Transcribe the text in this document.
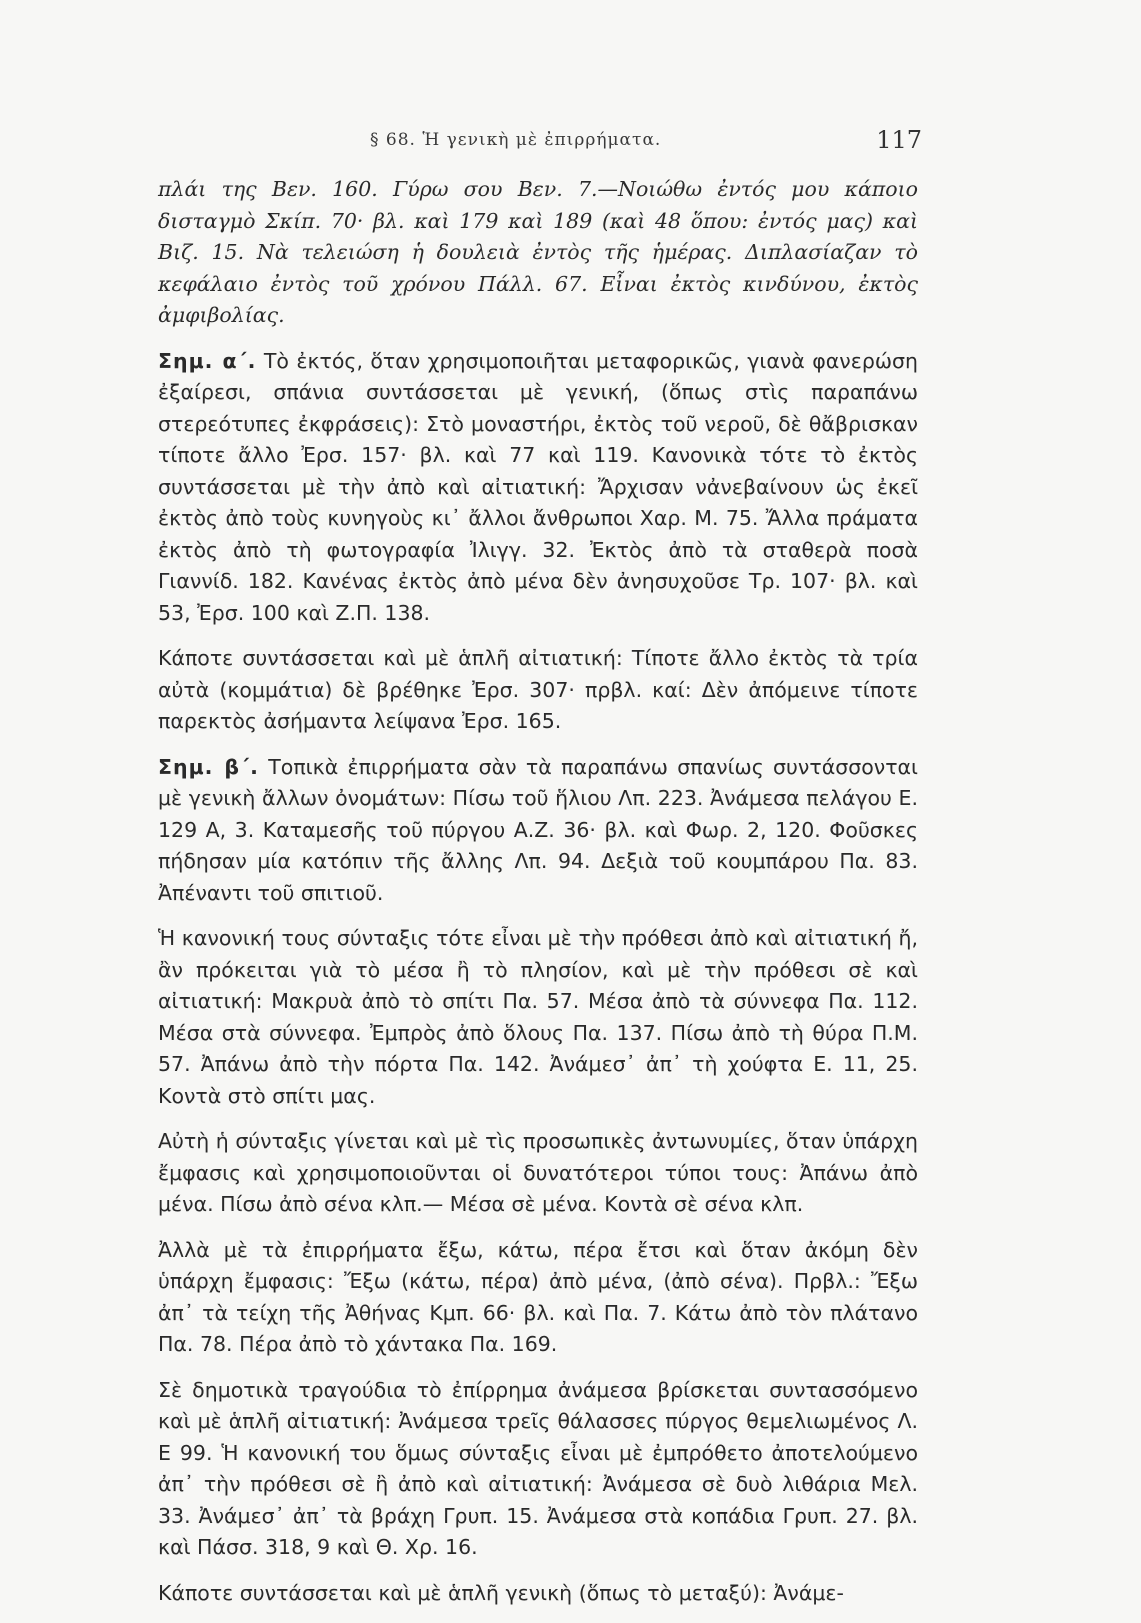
§ 68. Ἡ γενικὴ μὲ ἐπιρρήματα.	117

πλάι της Βεν. 160. Γύρω σου Βεν. 7.—Νοιώθω ἐντός μου κάποιο δισταγμὸ Σκίπ. 70· βλ. καὶ 179 καὶ 189 (καὶ 48 ὅπου: ἐντός μας) καὶ Βιζ. 15. Νὰ τελειώση ἡ δουλειὰ ἐντὸς τῆς ἡμέρας. Διπλασίαζαν τὸ κεφάλαιο ἐντὸς τοῦ χρόνου Πάλλ. 67. Εἶναι ἐκτὸς κινδύνου, ἐκτὸς ἀμφιβολίας.

Σημ. α΄. Τὸ ἐκτός, ὅταν χρησιμοποιῆται μεταφορικῶς, γιανὰ φανερώση ἐξαίρεσι, σπάνια συντάσσεται μὲ γενική, (ὅπως στὶς παραπάνω στερεότυπες ἐκφράσεις): Στὸ μοναστήρι, ἐκτὸς τοῦ νεροῦ, δὲ θἄβρισκαν τίποτε ἄλλο Ἐρσ. 157· βλ. καὶ 77 καὶ 119. Κανονικὰ τότε τὸ ἐκτὸς συντάσσεται μὲ τὴν ἀπὸ καὶ αἰτιατική: Ἄρχισαν νἀνεβαίνουν ὡς ἐκεῖ ἐκτὸς ἀπὸ τοὺς κυνηγοὺς κι᾿ ἄλλοι ἄνθρωποι Χαρ. Μ. 75. Ἄλλα πράματα ἐκτὸς ἀπὸ τὴ φωτογραφία Ἰλιγγ. 32. Ἐκτὸς ἀπὸ τὰ σταθερὰ ποσὰ Γιαννίδ. 182. Κανένας ἐκτὸς ἀπὸ μένα δὲν ἀνησυχοῦσε Τρ. 107· βλ. καὶ 53, Ἐρσ. 100 καὶ Ζ.Π. 138.

Κάποτε συντάσσεται καὶ μὲ ἁπλῆ αἰτιατική: Τίποτε ἄλλο ἐκτὸς τὰ τρία αὐτὰ (κομμάτια) δὲ βρέθηκε Ἐρσ. 307· πρβλ. καί: Δὲν ἀπόμεινε τίποτε παρεκτὸς ἀσήμαντα λείψανα Ἐρσ. 165.

Σημ. β΄. Τοπικὰ ἐπιρρήματα σὰν τὰ παραπάνω σπανίως συντάσσονται μὲ γενικὴ ἄλλων ὀνομάτων: Πίσω τοῦ ἥλιου Λπ. 223. Ἀνάμεσα πελάγου Ε. 129 Α, 3. Καταμεσῆς τοῦ πύργου Α.Ζ. 36· βλ. καὶ Φωρ. 2, 120. Φοῦσκες πήδησαν μία κατόπιν τῆς ἄλλης Λπ. 94. Δεξιὰ τοῦ κουμπάρου Πα. 83. Ἀπέναντι τοῦ σπιτιοῦ.

Ἡ κανονική τους σύνταξις τότε εἶναι μὲ τὴν πρόθεσι ἀπὸ καὶ αἰτιατική ἤ, ἂν πρόκειται γιὰ τὸ μέσα ἢ τὸ πλησίον, καὶ μὲ τὴν πρόθεσι σὲ καὶ αἰτιατική: Μακρυὰ ἀπὸ τὸ σπίτι Πα. 57. Μέσα ἀπὸ τὰ σύννεφα Πα. 112. Μέσα στὰ σύννεφα. Ἐμπρὸς ἀπὸ ὅλους Πα. 137. Πίσω ἀπὸ τὴ θύρα Π.Μ. 57. Ἀπάνω ἀπὸ τὴν πόρτα Πα. 142. Ἀνάμεσ᾿ ἀπ᾿ τὴ χούφτα Ε. 11, 25. Κοντὰ στὸ σπίτι μας.

Αὐτὴ ἡ σύνταξις γίνεται καὶ μὲ τὶς προσωπικὲς ἀντωνυμίες, ὅταν ὑπάρχη ἔμφασις καὶ χρησιμοποιοῦνται οἱ δυνατότεροι τύποι τους: Ἀπάνω ἀπὸ μένα. Πίσω ἀπὸ σένα κλπ.— Μέσα σὲ μένα. Κοντὰ σὲ σένα κλπ.

Ἀλλὰ μὲ τὰ ἐπιρρήματα ἔξω, κάτω, πέρα ἔτσι καὶ ὅταν ἀκόμη δὲν ὑπάρχη ἔμφασις: Ἔξω (κάτω, πέρα) ἀπὸ μένα, (ἀπὸ σένα). Πρβλ.: Ἔξω ἀπ᾿ τὰ τείχη τῆς Ἀθήνας Κμπ. 66· βλ. καὶ Πα. 7. Κάτω ἀπὸ τὸν πλάτανο Πα. 78. Πέρα ἀπὸ τὸ χάντακα Πα. 169.

Σὲ δημοτικὰ τραγούδια τὸ ἐπίρρημα ἀνάμεσα βρίσκεται συντασσόμενο καὶ μὲ ἁπλῆ αἰτιατική: Ἀνάμεσα τρεῖς θάλασσες πύργος θεμελιωμένος Λ. Ε 99. Ἡ κανονική του ὅμως σύνταξις εἶναι μὲ ἐμπρόθετο ἀποτελούμενο ἀπ᾿ τὴν πρόθεσι σὲ ἢ ἀπὸ καὶ αἰτιατική: Ἀνάμεσα σὲ δυὸ λιθάρια Μελ. 33. Ἀνάμεσ᾿ ἀπ᾿ τὰ βράχη Γρυπ. 15. Ἀνάμεσα στὰ κοπάδια Γρυπ. 27. βλ. καὶ Πάσσ. 318, 9 καὶ Θ. Χρ. 16.

Κάποτε συντάσσεται καὶ μὲ ἁπλῆ γενικὴ (ὅπως τὸ μεταξύ): Ἀνάμε-
